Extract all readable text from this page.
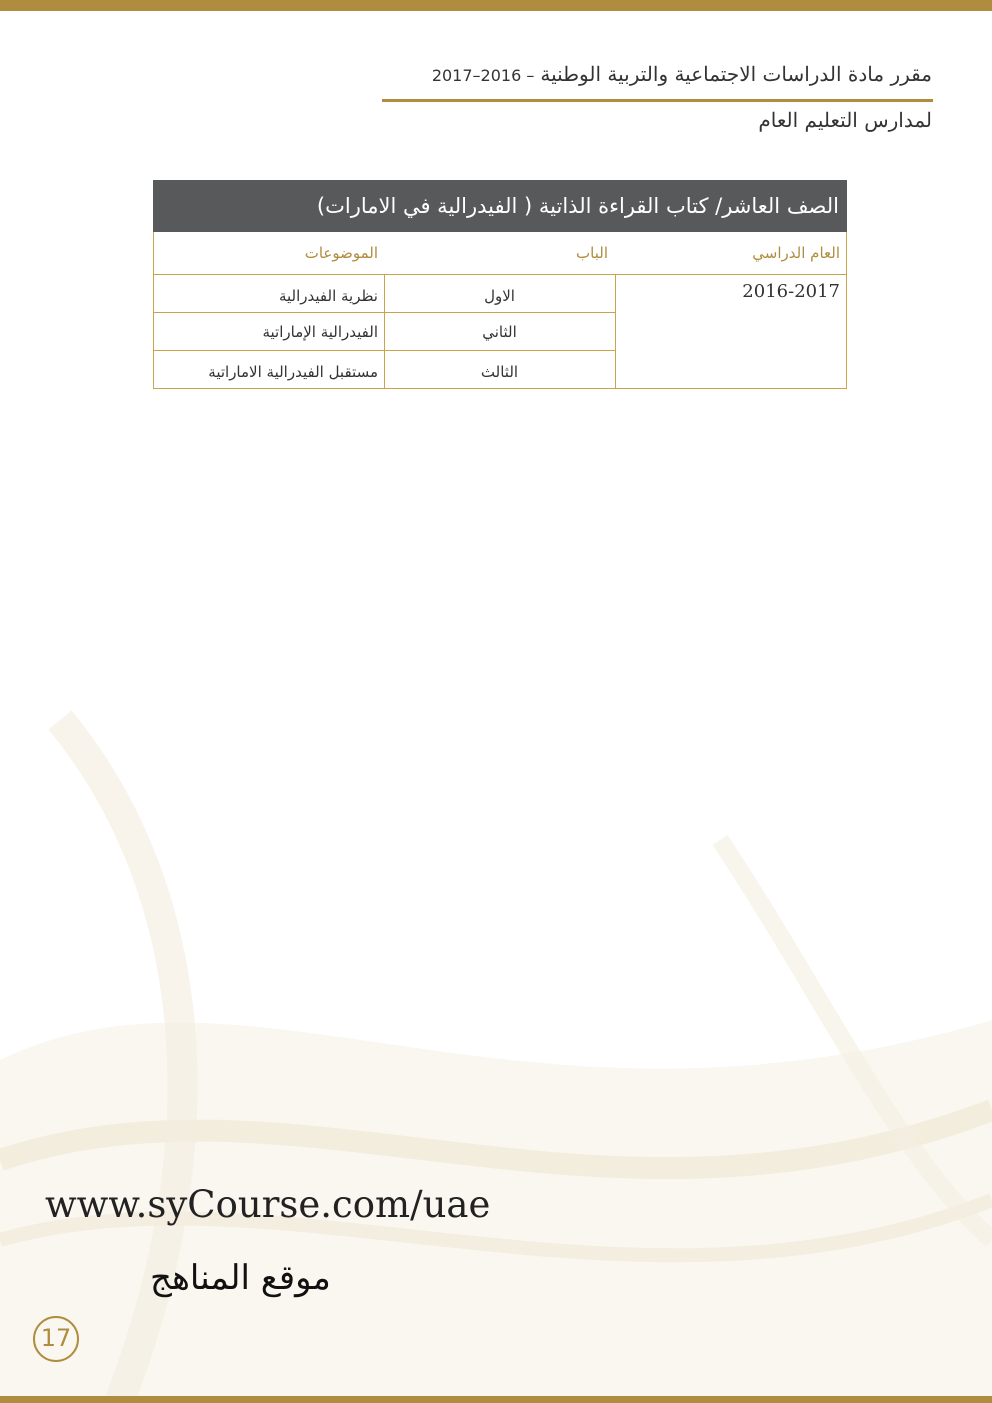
مقرر مادة الدراسات الاجتماعية والتربية الوطنية– 2016–2017
لمدارس التعليم العام
الصف العاشر/ كتاب القراءة الذاتية ( الفيدرالية في الامارات)
العام الدراسي
الباب
الموضوعات
2016-2017
الاول
نظرية الفيدرالية
الثاني
الفيدرالية الإماراتية
الثالث
مستقبل الفيدرالية الاماراتية
www.syCourse.com/uae
موقع المناهج
17
